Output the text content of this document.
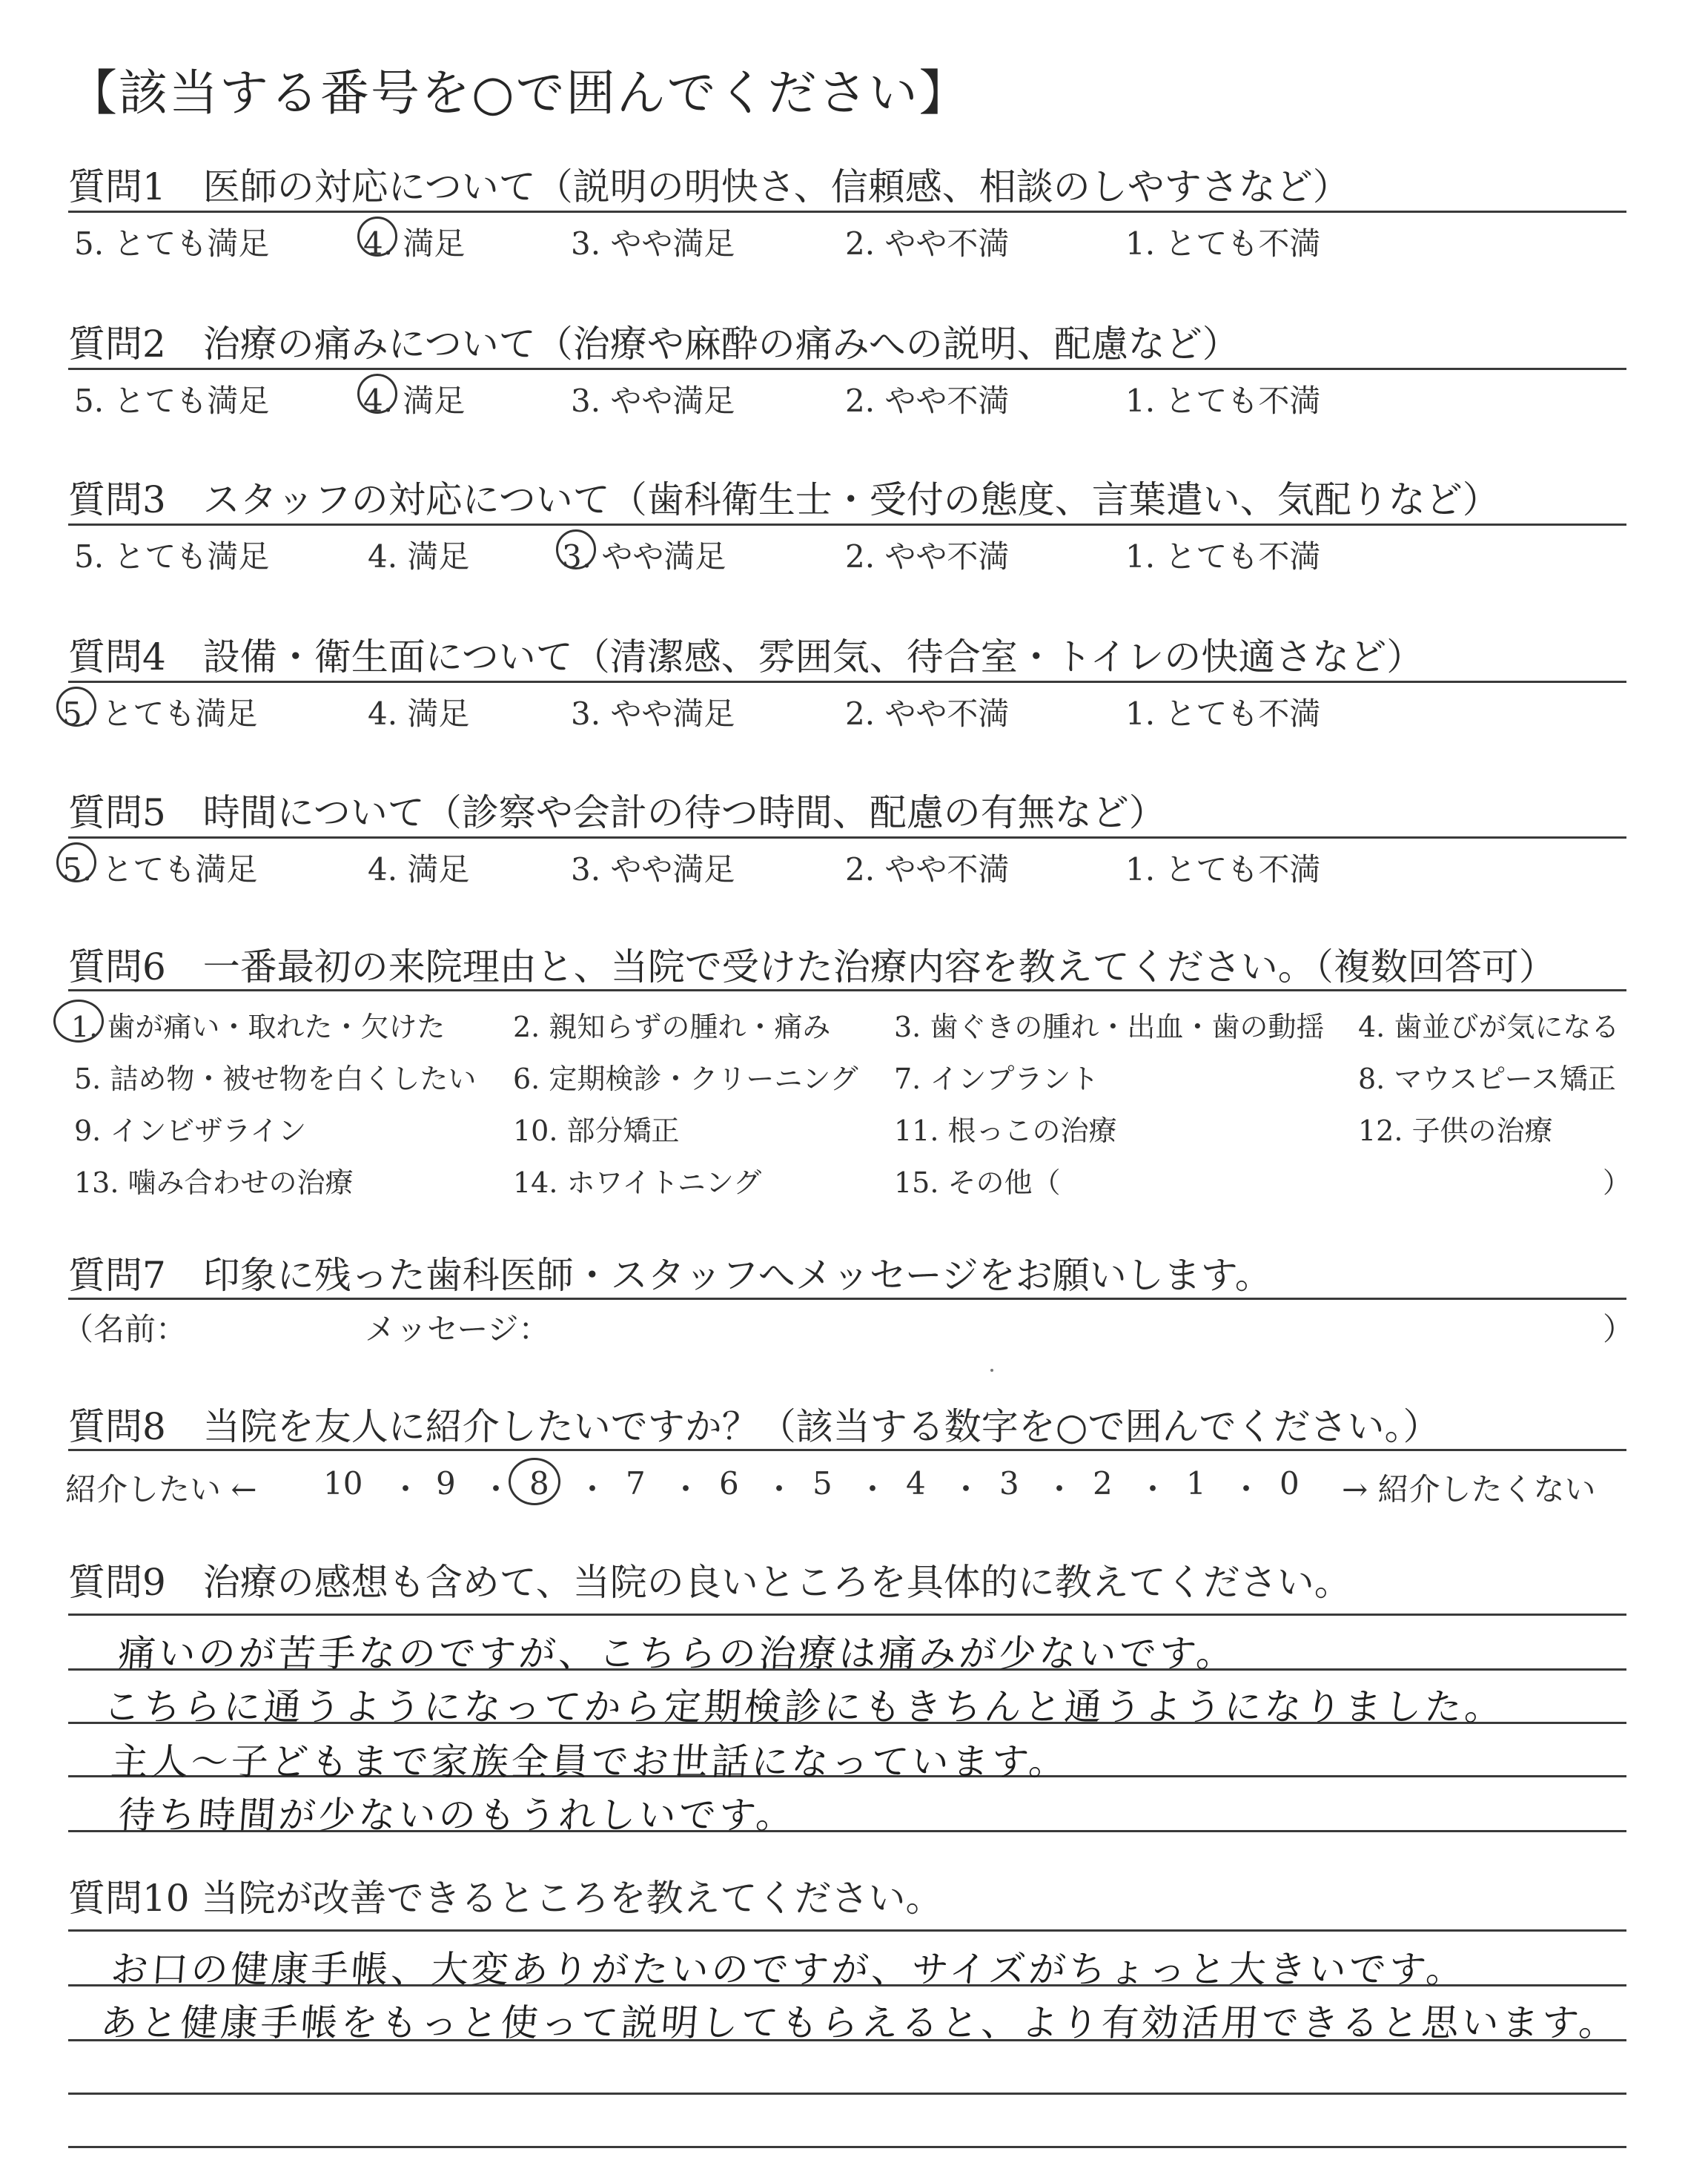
【該当する番号を○で囲んでください】
質問1　医師の対応について（説明の明快さ、信頼感、相談のしやすさなど）
5. とても満足	4. 満足	3. やや満足	2. やや不満	1. とても不満
質問2　治療の痛みについて（治療や麻酔の痛みへの説明、配慮など）
5. とても満足	4. 満足	3. やや満足	2. やや不満	1. とても不満
質問3　スタッフの対応について（歯科衛生士・受付の態度、言葉遣い、気配りなど）
5. とても満足	4. 満足	3. やや満足	2. やや不満	1. とても不満
質問4　設備・衛生面について（清潔感、雰囲気、待合室・トイレの快適さなど）
5. とても満足	4. 満足	3. やや満足	2. やや不満	1. とても不満
質問5　時間について（診察や会計の待つ時間、配慮の有無など）
5. とても満足	4. 満足	3. やや満足	2. やや不満	1. とても不満
質問6　一番最初の来院理由と、当院で受けた治療内容を教えてください。（複数回答可）
1. 歯が痛い・取れた・欠けた 2. 親知らずの腫れ・痛み 3. 歯ぐきの腫れ・出血・歯の動揺 4. 歯並びが気になる
5. 詰め物・被せ物を白くしたい 6. 定期検診・クリーニング 7. インプラント	8. マウスピース矯正
9. インビザライン	10. 部分矯正	11. 根っこの治療	12. 子供の治療
13. 噛み合わせの治療	14. ホワイトニング	15. その他（	）
質問7　印象に残った歯科医師・スタッフへメッセージをお願いします。
（名前：	メッセージ：	）
質問8　当院を友人に紹介したいですか？（該当する数字を○で囲んでください。）
紹介したい ← 10 ・ 9 ・ 8 ・ 7 ・ 6 ・ 5 ・ 4 ・ 3 ・ 2 ・ 1 ・ 0 → 紹介したくない
質問9　治療の感想も含めて、当院の良いところを具体的に教えてください。
痛いのが苦手なのですが、こちらの治療は痛みが少ないです。
こちらに通うようになってから定期検診にもきちんと通うようになりました。
主人〜子どもまで家族全員でお世話になっています。
待ち時間が少ないのもうれしいです。
質問10 当院が改善できるところを教えてください。
お口の健康手帳、大変ありがたいのですが、サイズがちょっと大きいです。
あと健康手帳をもっと使って説明してもらえると、より有効活用できると思います。
